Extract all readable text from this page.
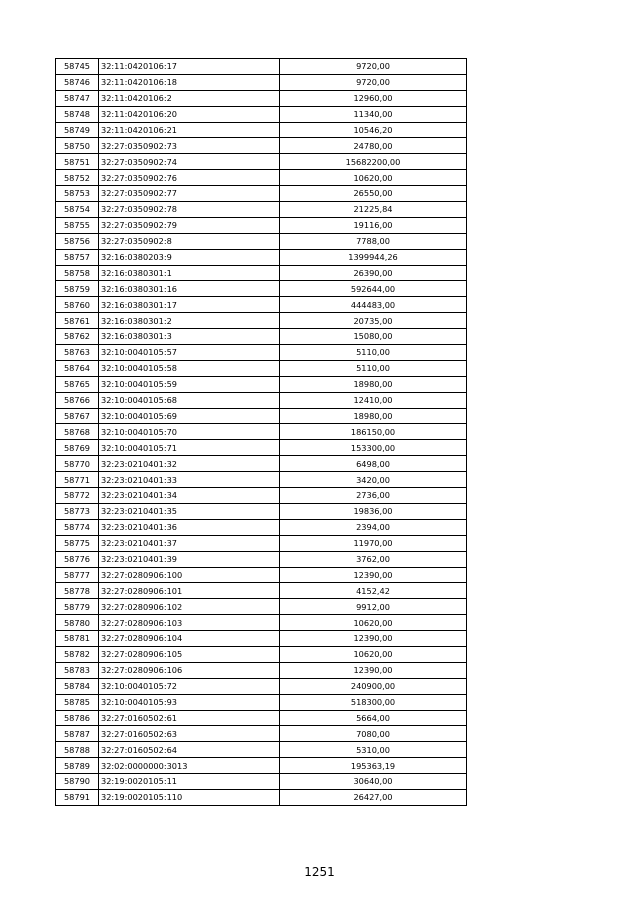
58745	32:11:0420106:17	9720,00
58746	32:11:0420106:18	9720,00
58747	32:11:0420106:2	12960,00
58748	32:11:0420106:20	11340,00
58749	32:11:0420106:21	10546,20
58750	32:27:0350902:73	24780,00
58751	32:27:0350902:74	15682200,00
58752	32:27:0350902:76	10620,00
58753	32:27:0350902:77	26550,00
58754	32:27:0350902:78	21225,84
58755	32:27:0350902:79	19116,00
58756	32:27:0350902:8	7788,00
58757	32:16:0380203:9	1399944,26
58758	32:16:0380301:1	26390,00
58759	32:16:0380301:16	592644,00
58760	32:16:0380301:17	444483,00
58761	32:16:0380301:2	20735,00
58762	32:16:0380301:3	15080,00
58763	32:10:0040105:57	5110,00
58764	32:10:0040105:58	5110,00
58765	32:10:0040105:59	18980,00
58766	32:10:0040105:68	12410,00
58767	32:10:0040105:69	18980,00
58768	32:10:0040105:70	186150,00
58769	32:10:0040105:71	153300,00
58770	32:23:0210401:32	6498,00
58771	32:23:0210401:33	3420,00
58772	32:23:0210401:34	2736,00
58773	32:23:0210401:35	19836,00
58774	32:23:0210401:36	2394,00
58775	32:23:0210401:37	11970,00
58776	32:23:0210401:39	3762,00
58777	32:27:0280906:100	12390,00
58778	32:27:0280906:101	4152,42
58779	32:27:0280906:102	9912,00
58780	32:27:0280906:103	10620,00
58781	32:27:0280906:104	12390,00
58782	32:27:0280906:105	10620,00
58783	32:27:0280906:106	12390,00
58784	32:10:0040105:72	240900,00
58785	32:10:0040105:93	518300,00
58786	32:27:0160502:61	5664,00
58787	32:27:0160502:63	7080,00
58788	32:27:0160502:64	5310,00
58789	32:02:0000000:3013	195363,19
58790	32:19:0020105:11	30640,00
58791	32:19:0020105:110	26427,00
1251
